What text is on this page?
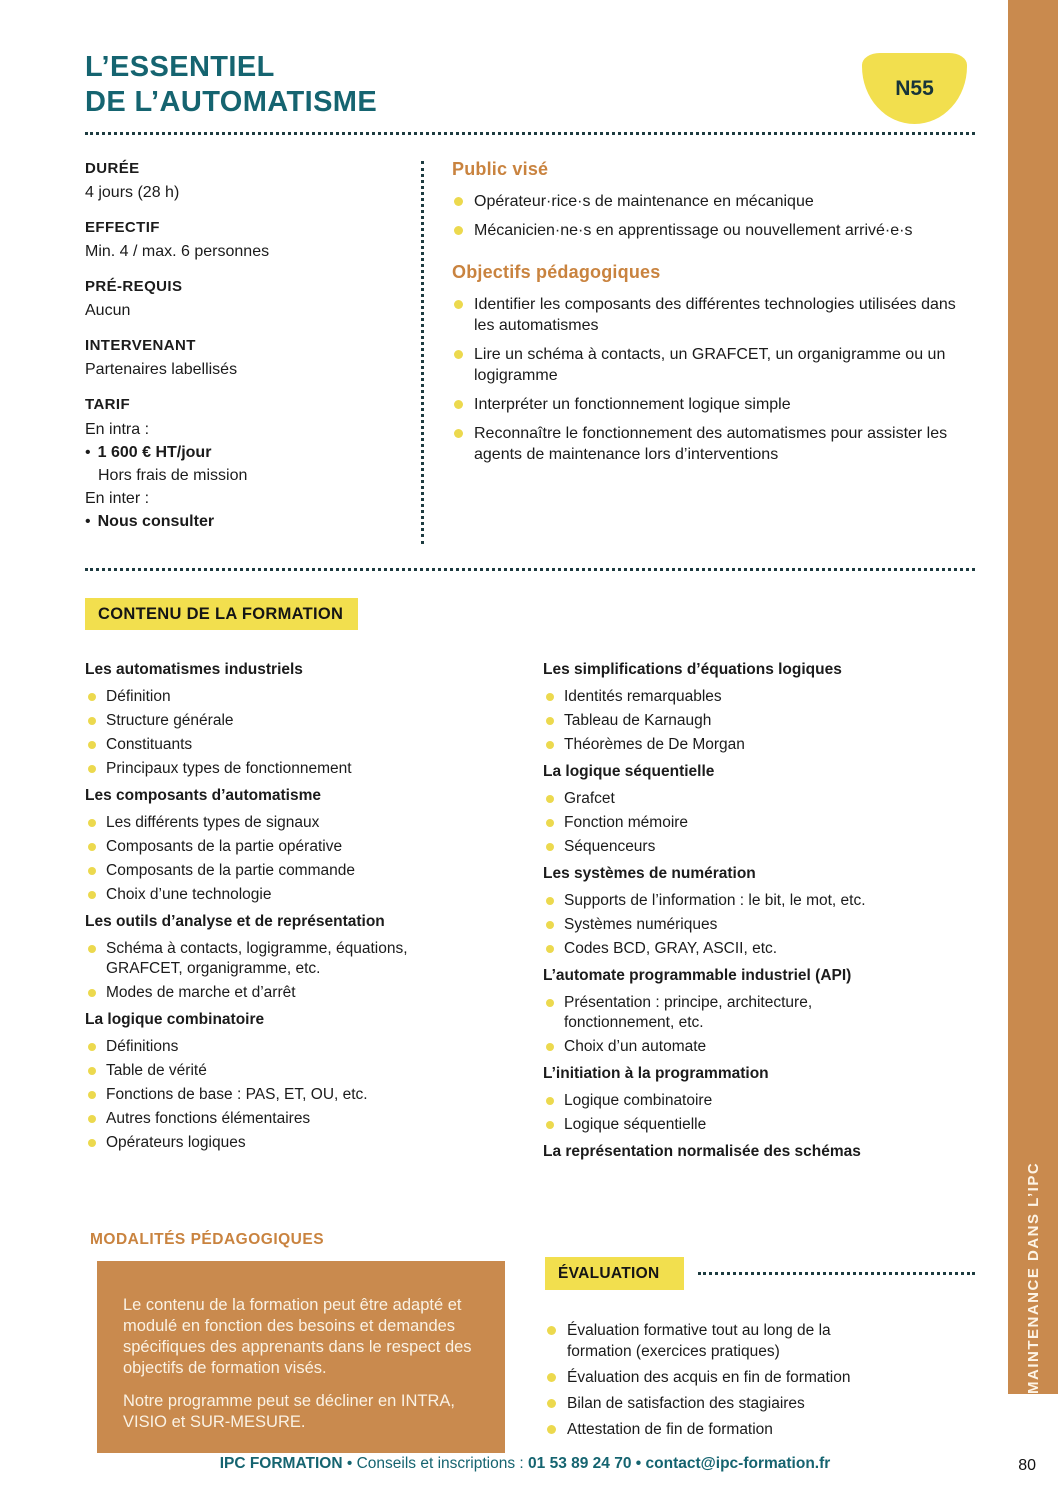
MAINTENANCE DANS L’IPC
L’ESSENTIEL
DE L’AUTOMATISME	N55
DURÉE
4 jours (28 h)
EFFECTIF
Min. 4 / max. 6 personnes
PRÉ-REQUIS
Aucun
INTERVENANT
Partenaires labellisés
TARIF
En intra :
• 1 600 € HT/jour
Hors frais de mission
En inter :
• Nous consulter
Public visé
Opérateur·rice·s de maintenance en mécanique
Mécanicien·ne·s en apprentissage ou nouvellement arrivé·e·s
Objectifs pédagogiques
Identifier les composants des différentes technologies utilisées dans les automatismes
Lire un schéma à contacts, un GRAFCET, un organigramme ou un logigramme
Interpréter un fonctionnement logique simple
Reconnaître le fonctionnement des automatismes pour assister les agents de maintenance lors d’interventions
CONTENU DE LA FORMATION
Les automatismes industriels
Définition
Structure générale
Constituants
Principaux types de fonctionnement
Les composants d’automatisme
Les différents types de signaux
Composants de la partie opérative
Composants de la partie commande
Choix d’une technologie
Les outils d’analyse et de représentation
Schéma à contacts, logigramme, équations, GRAFCET, organigramme, etc.
Modes de marche et d’arrêt
La logique combinatoire
Définitions
Table de vérité
Fonctions de base : PAS, ET, OU, etc.
Autres fonctions élémentaires
Opérateurs logiques
Les simplifications d’équations logiques
Identités remarquables
Tableau de Karnaugh
Théorèmes de De Morgan
La logique séquentielle
Grafcet
Fonction mémoire
Séquenceurs
Les systèmes de numération
Supports de l’information : le bit, le mot, etc.
Systèmes numériques
Codes BCD, GRAY, ASCII, etc.
L’automate programmable industriel (API)
Présentation : principe, architecture, fonctionnement, etc.
Choix d’un automate
L’initiation à la programmation
Logique combinatoire
Logique séquentielle
La représentation normalisée des schémas
MODALITÉS PÉDAGOGIQUES

Le contenu de la formation peut être adapté et modulé en fonction des besoins et demandes spécifiques des apprenants dans le respect des objectifs de formation visés.

Notre programme peut se décliner en INTRA, VISIO et SUR-MESURE.

ÉVALUATION
Évaluation formative tout au long de la formation (exercices pratiques)
Évaluation des acquis en fin de formation
Bilan de satisfaction des stagiaires
Attestation de fin de formation
IPC FORMATION • Conseils et inscriptions : 01 53 89 24 70 • contact@ipc-formation.fr	80
